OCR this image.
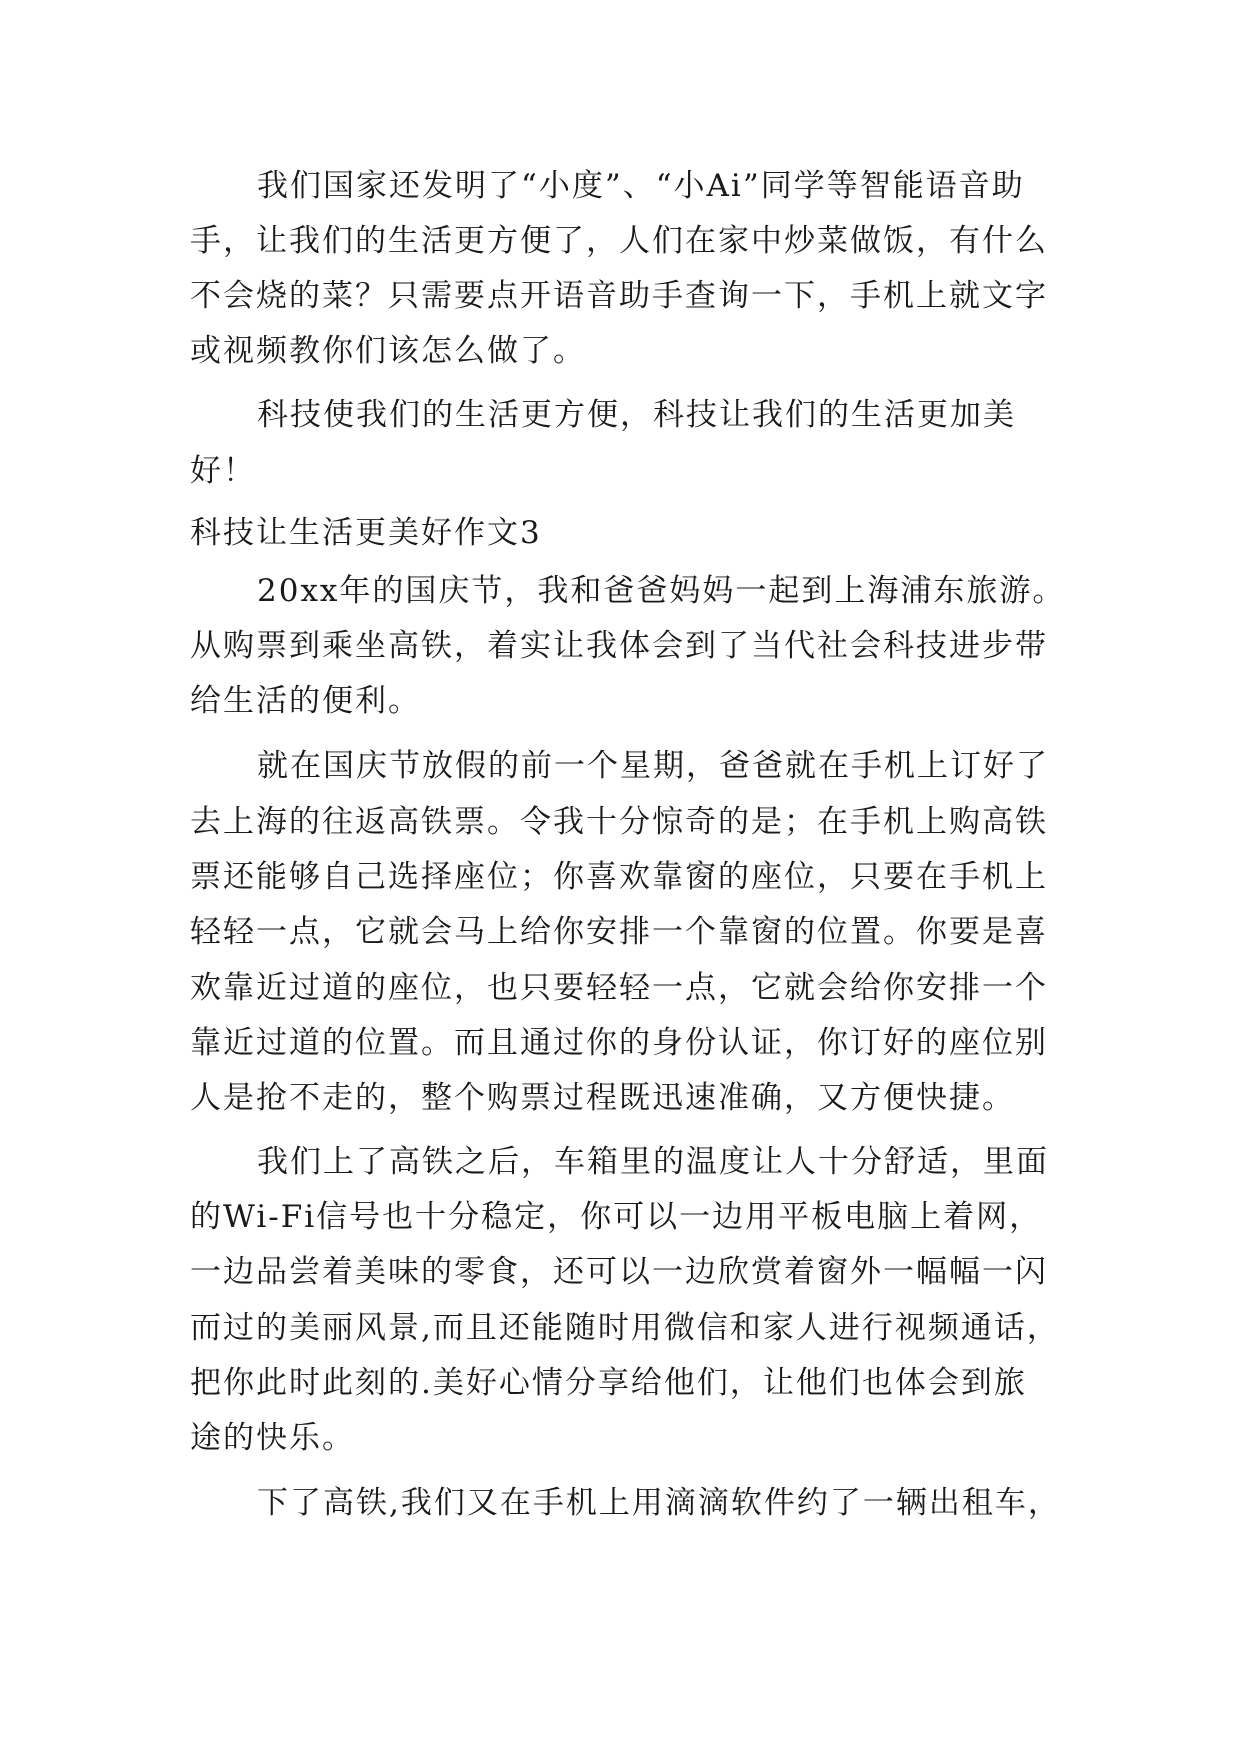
我们国家还发明了“小度”、“小Ai”同学等智能语音助
手，让我们的生活更方便了，人们在家中炒菜做饭，有什么
不会烧的菜？只需要点开语音助手查询一下，手机上就文字
或视频教你们该怎么做了。
科技使我们的生活更方便，科技让我们的生活更加美
好！
科技让生活更美好作文3
20xx年的国庆节，我和爸爸妈妈一起到上海浦东旅游。
从购票到乘坐高铁，着实让我体会到了当代社会科技进步带
给生活的便利。
就在国庆节放假的前一个星期，爸爸就在手机上订好了
去上海的往返高铁票。令我十分惊奇的是；在手机上购高铁
票还能够自己选择座位；你喜欢靠窗的座位，只要在手机上
轻轻一点，它就会马上给你安排一个靠窗的位置。你要是喜
欢靠近过道的座位，也只要轻轻一点，它就会给你安排一个
靠近过道的位置。而且通过你的身份认证，你订好的座位别
人是抢不走的，整个购票过程既迅速准确，又方便快捷。
我们上了高铁之后，车箱里的温度让人十分舒适，里面
的Wi-Fi信号也十分稳定，你可以一边用平板电脑上着网，
一边品尝着美味的零食，还可以一边欣赏着窗外一幅幅一闪
而过的美丽风景,而且还能随时用微信和家人进行视频通话，
把你此时此刻的.美好心情分享给他们，让他们也体会到旅
途的快乐。
下了高铁,我们又在手机上用滴滴软件约了一辆出租车，
